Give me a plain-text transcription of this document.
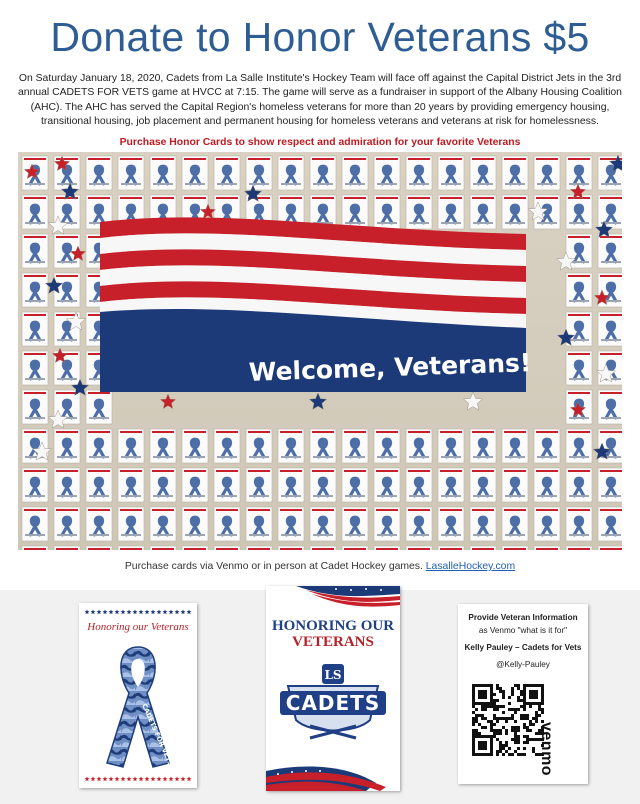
Donate to Honor Veterans $5
On Saturday January 18, 2020, Cadets from La Salle Institute's Hockey Team will face off against the Capital District Jets in the 3rd annual CADETS FOR VETS game at HVCC at 7:15. The game will serve as a fundraiser in support of the Albany Housing Coalition (AHC). The AHC has served the Capital Region's homeless veterans for more than 20 years by providing emergency housing, transitional housing, job placement and permanent housing for homeless veterans and veterans at risk for homelessness.
Purchase Honor Cards to show respect and admiration for your favorite Veterans
Welcome, Veterans!
Purchase cards via Venmo or in person at Cadet Hockey games. LasalleHockey.com
Honoring our Veterans
CADETS FOR VETS
HONORING OUR
VETERANS
LS
CADETS
Provide Veteran Information
as Venmo "what is it for"
Kelly Pauley – Cadets for Vets
@Kelly-Pauley
venmo
